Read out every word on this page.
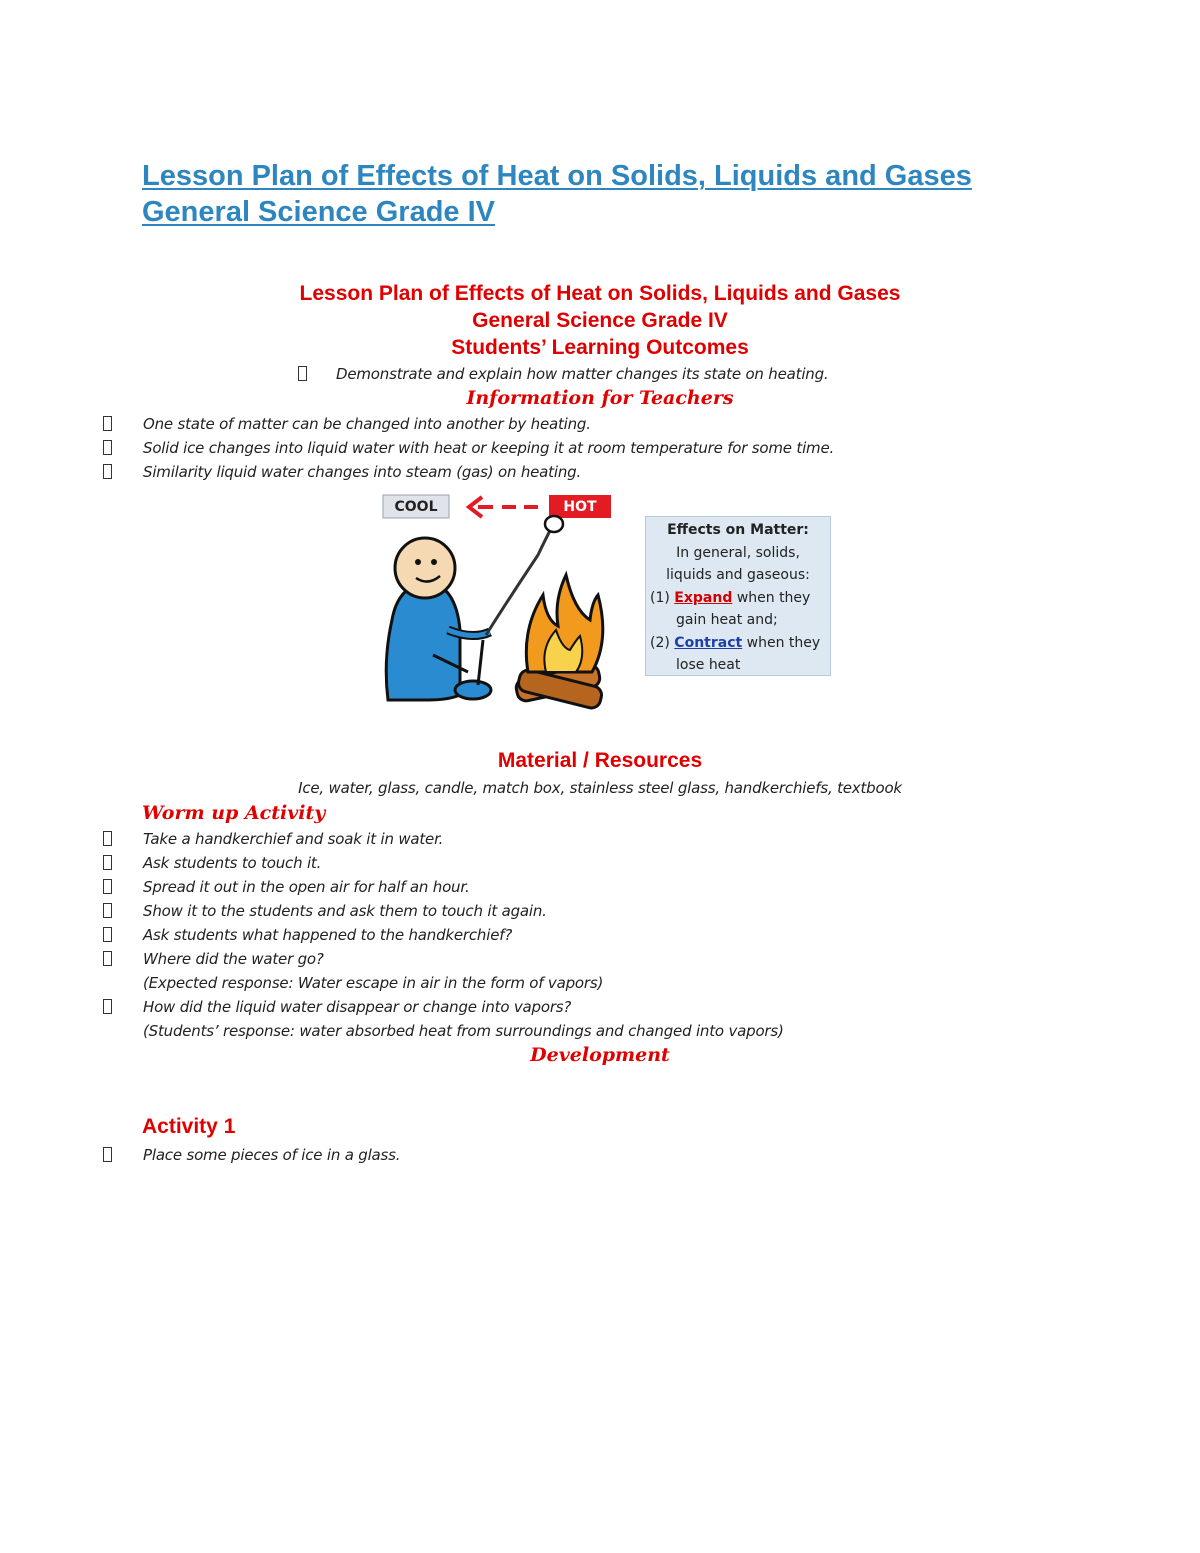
Lesson Plan of Effects of Heat on Solids, Liquids and Gases General Science Grade IV
Lesson Plan of Effects of Heat on Solids, Liquids and Gases
General Science Grade IV
Students’ Learning Outcomes

Demonstrate and explain how matter changes its state on heating.

Information for Teachers

One state of matter can be changed into another by heating.

Solid ice changes into liquid water with heat or keeping it at room temperature for some time.

Similarity liquid water changes into steam (gas) on heating.

COOL	HOT
Effects on Matter:
In general, solids,
liquids and gaseous:
(1) Expand when they
gain heat and;
(2) Contract when they
lose heat
Material / Resources

Ice, water, glass, candle, match box, stainless steel glass, handkerchiefs, textbook

Worm up Activity

Take a handkerchief and soak it in water.

Ask students to touch it.

Spread it out in the open air for half an hour.

Show it to the students and ask them to touch it again.

Ask students what happened to the handkerchief?

Where did the water go?

(Expected response: Water escape in air in the form of vapors)

How did the liquid water disappear or change into vapors?

(Students’ response: water absorbed heat from surroundings and changed into vapors)

Development
Activity 1

Place some pieces of ice in a glass.
